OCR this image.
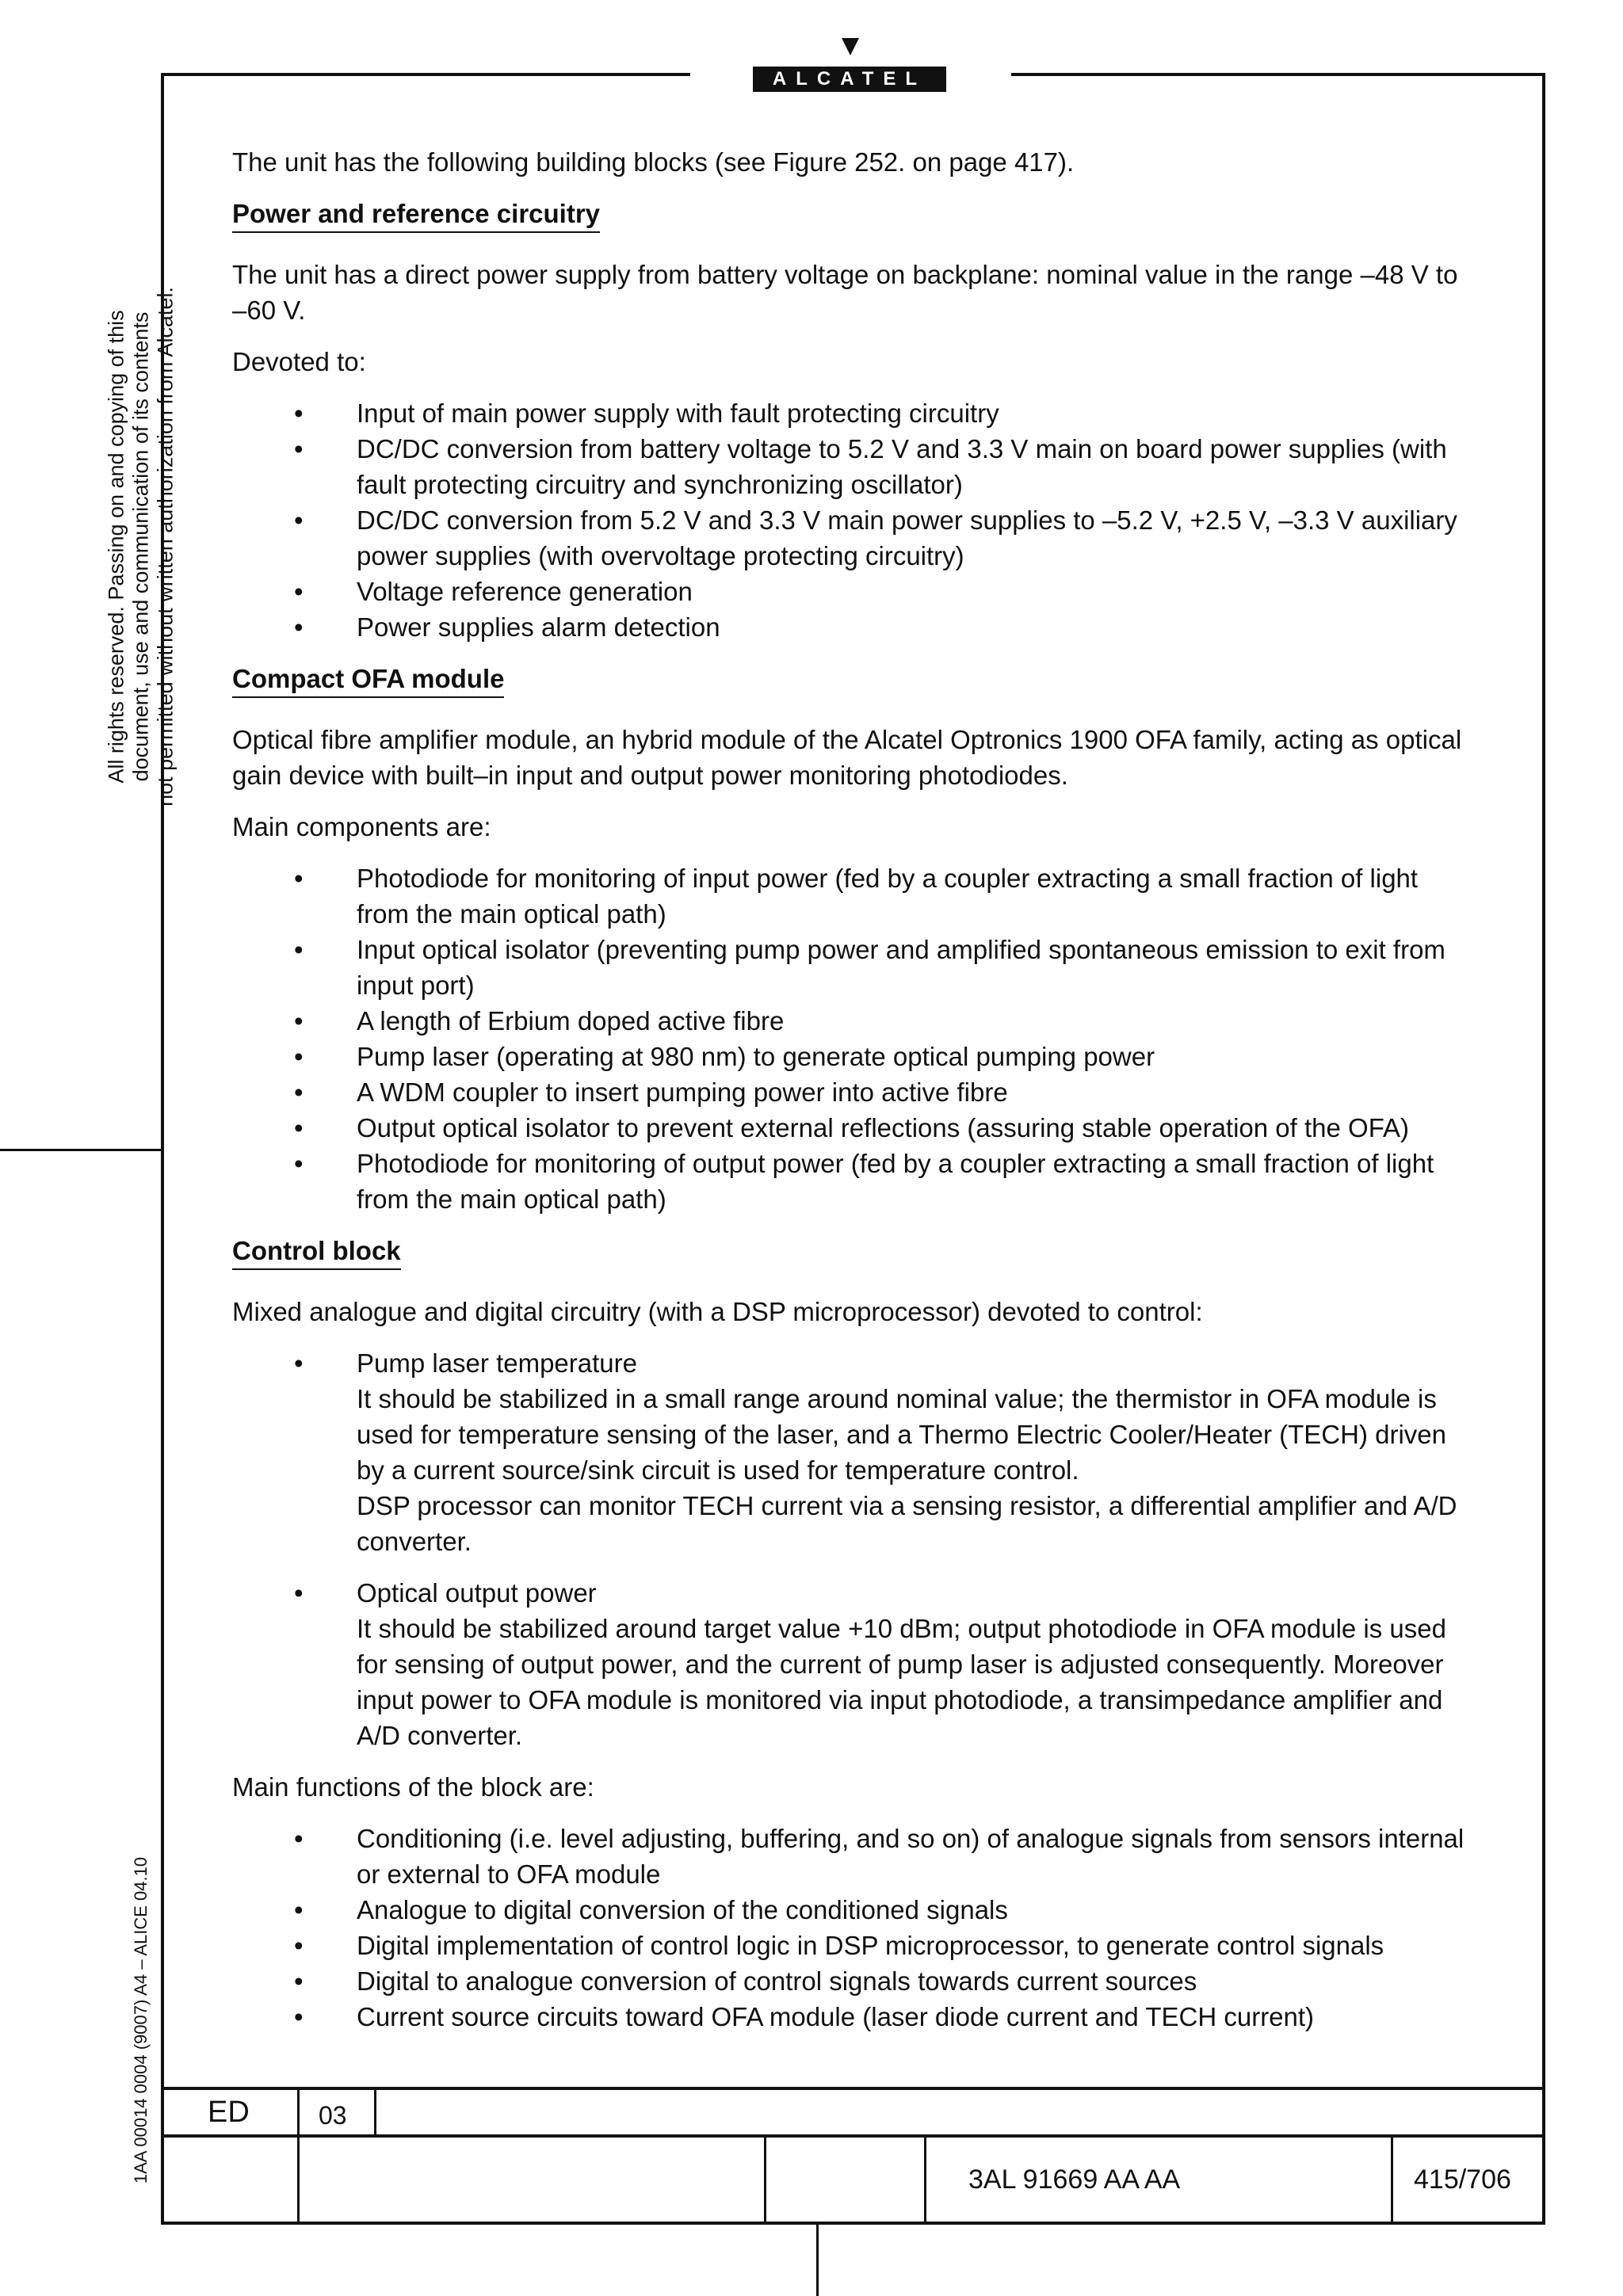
ALCATEL
All rights reserved. Passing on and copying of this document, use and communication of its contents not permitted without written authorization from Alcatel.
1AA 00014 0004 (9007) A4 – ALICE 04.10

The unit has the following building blocks (see Figure 252. on page 417).

Power and reference circuitry

The unit has a direct power supply from battery voltage on backplane: nominal value in the range –48 V to –60 V.

Devoted to:

• Input of main power supply with fault protecting circuitry
• DC/DC conversion from battery voltage to 5.2 V and 3.3 V main on board power supplies (with fault protecting circuitry and synchronizing oscillator)
• DC/DC conversion from 5.2 V and 3.3 V main power supplies to –5.2 V, +2.5 V, –3.3 V auxiliary power supplies (with overvoltage protecting circuitry)
• Voltage reference generation
• Power supplies alarm detection
Compact OFA module

Optical fibre amplifier module, an hybrid module of the Alcatel Optronics 1900 OFA family, acting as optical gain device with built–in input and output power monitoring photodiodes.

Main components are:

• Photodiode for monitoring of input power (fed by a coupler extracting a small fraction of light from the main optical path)
• Input optical isolator (preventing pump power and amplified spontaneous emission to exit from input port)
• A length of Erbium doped active fibre
• Pump laser (operating at 980 nm) to generate optical pumping power
• A WDM coupler to insert pumping power into active fibre
• Output optical isolator to prevent external reflections (assuring stable operation of the OFA)
• Photodiode for monitoring of output power (fed by a coupler extracting a small fraction of light from the main optical path)
Control block

Mixed analogue and digital circuitry (with a DSP microprocessor) devoted to control:

• Pump laser temperature
It should be stabilized in a small range around nominal value; the thermistor in OFA module is used for temperature sensing of the laser, and a Thermo Electric Cooler/Heater (TECH) driven by a current source/sink circuit is used for temperature control.
DSP processor can monitor TECH current via a sensing resistor, a differential amplifier and A/D converter.
• Optical output power
It should be stabilized around target value +10 dBm; output photodiode in OFA module is used for sensing of output power, and the current of pump laser is adjusted consequently. Moreover input power to OFA module is monitored via input photodiode, a transimpedance amplifier and A/D converter.

Main functions of the block are:

• Conditioning (i.e. level adjusting, buffering, and so on) of analogue signals from sensors internal or external to OFA module
• Analogue to digital conversion of the conditioned signals
• Digital implementation of control logic in DSP microprocessor, to generate control signals
• Digital to analogue conversion of control signals towards current sources
• Current source circuits toward OFA module (laser diode current and TECH current)
ED	03
3AL 91669 AA AA	415/706
